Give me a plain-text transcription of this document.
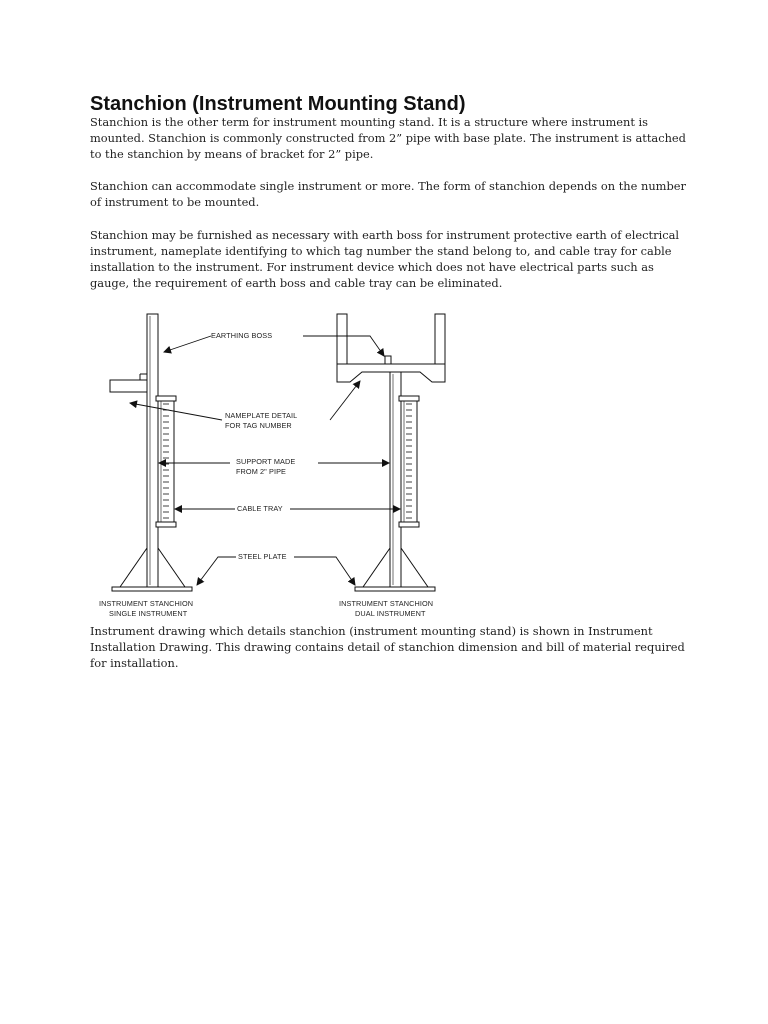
Stanchion (Instrument Mounting Stand)

Stanchion is the other term for instrument mounting stand. It is a structure where instrument is mounted. Stanchion is commonly constructed from 2” pipe with base plate. The instrument is attached to the stanchion by means of bracket for 2” pipe.

Stanchion can accommodate single instrument or more. The form of stanchion depends on the number of instrument to be mounted.

Stanchion may be furnished as necessary with earth boss for instrument protective earth of electrical instrument, nameplate identifying to which tag number the stand belong to, and cable tray for cable installation to the instrument. For instrument device which does not have electrical parts such as gauge, the requirement of earth boss and cable tray can be eliminated.

EARTHING BOSS
NAMEPLATE DETAIL
FOR TAG NUMBER
SUPPORT MADE
FROM 2" PIPE
CABLE TRAY
STEEL PLATE
INSTRUMENT STANCHION
SINGLE INSTRUMENT
INSTRUMENT STANCHION
DUAL INSTRUMENT

Instrument drawing which details stanchion (instrument mounting stand) is shown in Instrument Installation Drawing. This drawing contains detail of stanchion dimension and bill of material required for installation.
